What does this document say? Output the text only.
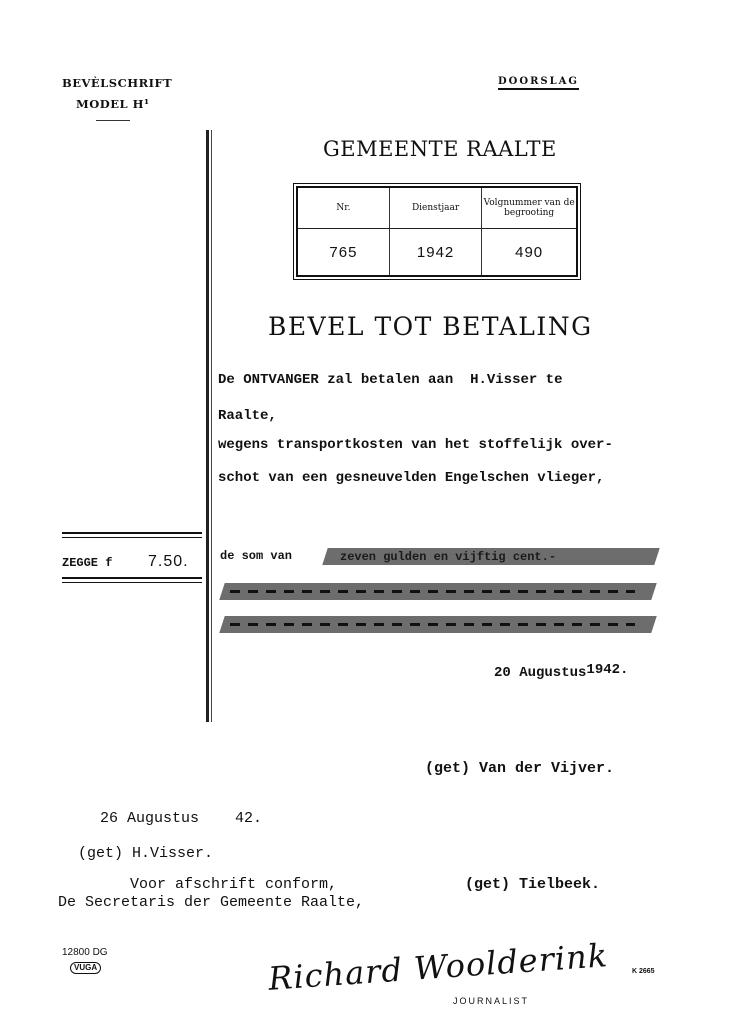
BEVÈLSCHRIFT
MODEL H¹
DOORSLAG
GEMEENTE RAALTE
Nr.	Dienstjaar	Volgnummer van de begrooting
765	1942	490
BEVEL TOT BETALING
De ONTVANGER zal betalen aan H.Visser te
Raalte,
wegens transportkosten van het stoffelijk over-
schot van een gesneuvelden Engelschen vlieger,
ZEGGE f 7.50.	de som van	zeven gulden en vijftig cent.-
20 Augustus1942.
(get) Van der Vijver.
26 Augustus 42.
(get) H.Visser.
Voor afschrift conform,
De Secretaris der Gemeente Raalte,
(get) Tielbeek.
12800 DG
VUGA	K 2665
Richard Woolderink
JOURNALIST
